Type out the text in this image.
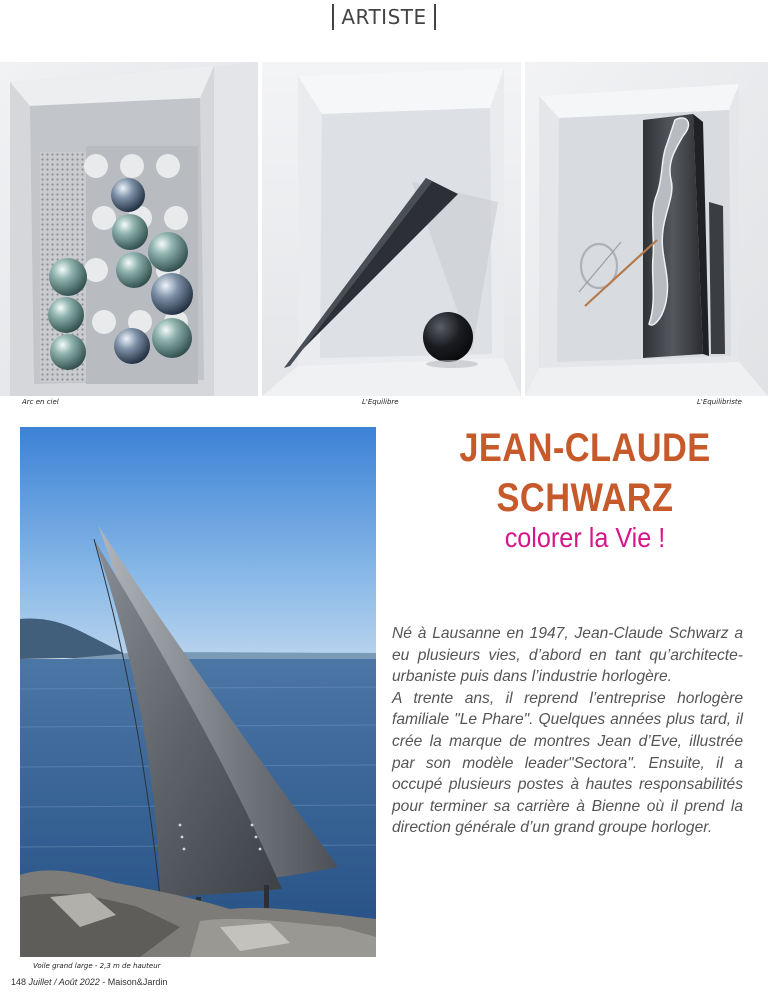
ARTISTE
Arc en ciel	L'Equilibre	L'Equilibriste
Voile grand large - 2,3 m de hauteur
JEAN-CLAUDE
SCHWARZ
colorer la Vie !

Né à Lausanne en 1947, Jean-Claude Schwarz a eu plusieurs vies, d’abord en tant qu’architecte-urbaniste puis dans l’industrie horlogère.

A trente ans, il reprend l’entreprise horlogère familiale "Le Phare". Quelques années plus tard, il crée la marque de montres Jean d’Eve, illustrée par son modèle leader"Sectora". Ensuite, il a occupé plusieurs postes à hautes responsabilités pour terminer sa carrière à Bienne où il prend la direction générale d’un grand groupe horloger.

148 Juillet / Août 2022 - Maison&Jardin
